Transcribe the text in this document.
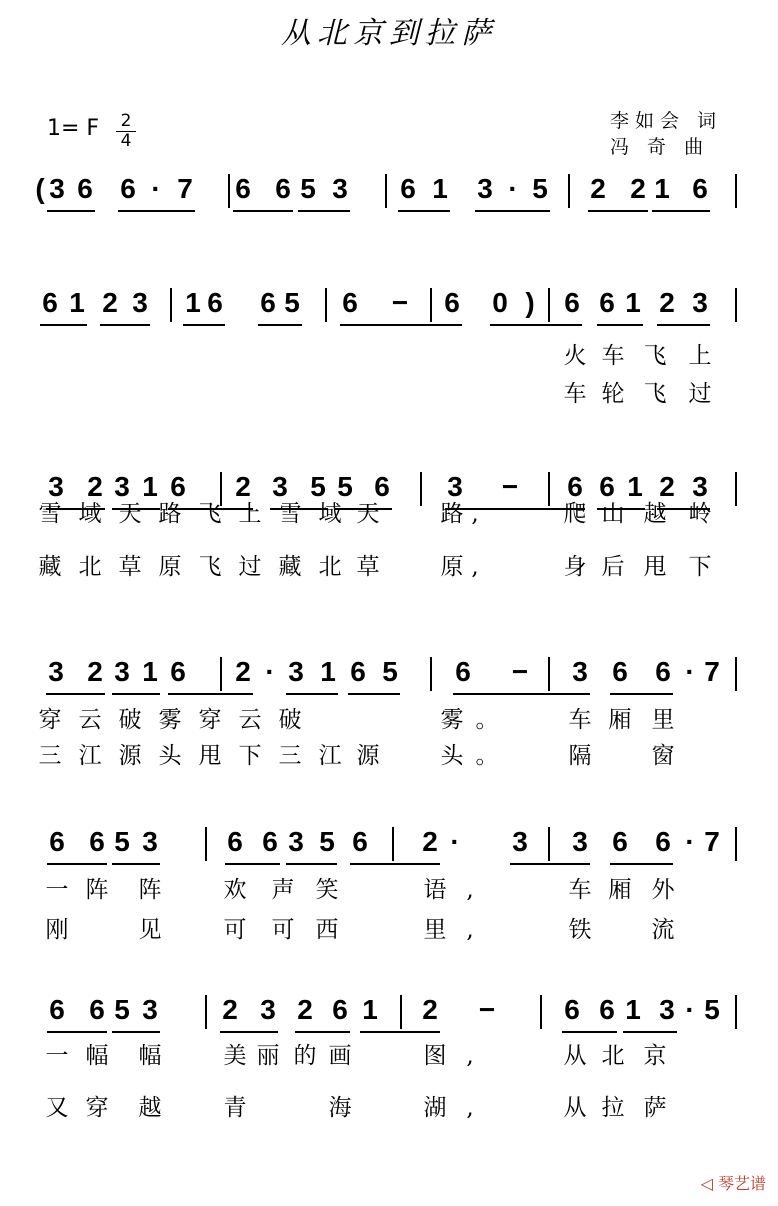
从北京到拉萨
1= F 2
4
李如会 词
冯 奇 曲
( 3 6 6 · 7 6 6 5 3 6 1 3 · 5 2 2 1 6
6 1 2 3 1 6 6 5 6 − 6 0 ) 6 6 1 2 3
火 车 飞 上
车 轮 飞 过
3 2 3 1 6 2 3 5 5 6 3 − 6 6 1 2 3
雪 域 天 路 飞 上 雪 域 天	路 ,
藏 北 草 原 飞 过 藏 北 草	原 ,
爬 山 越 岭
身 后 甩 下
3 2 3 1 6 2 · 3 1 6 5 6 − 3 6 6 · 7
穿 云 破 雾 穿 云 破	雾 。
三 江 源 头 甩 下 三 江 源	头 。
车 厢 里
隔	窗
6 6 5 3 6 6 3 5 6 2 · 3 3 6 6 · 7
一 阵 阵	欢 声 笑	语 ,
刚	见	可 可 西	里 ,
车 厢 外
铁	流
6 6 5 3 2 3 2 6 1 2 − 6 6 1 3 · 5
一 幅 幅	美 丽 的 画	图 ,
又 穿 越	青	海	湖 ,
从 北 京
从 拉 萨
◁ 琴艺谱
